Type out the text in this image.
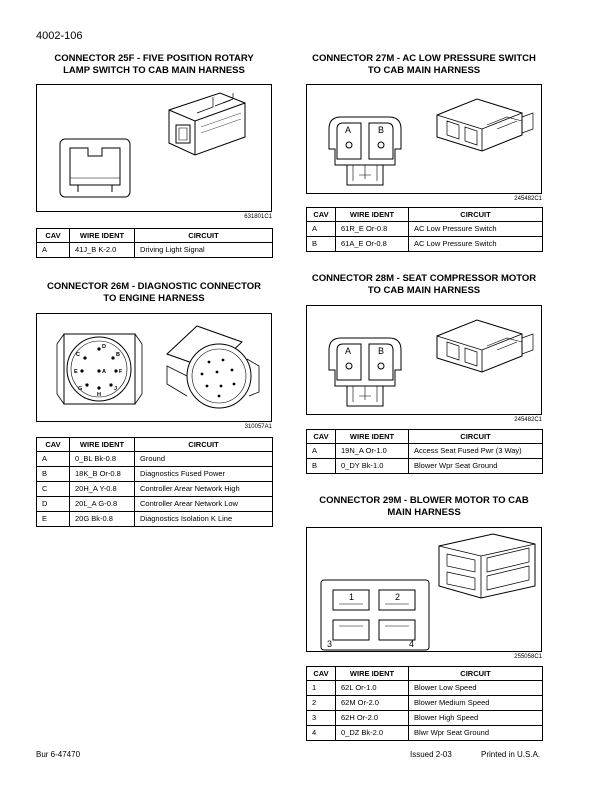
4002-106
CONNECTOR 25F - FIVE POSITION ROTARY
LAMP SWITCH TO CAB MAIN HARNESS
631801C1
CAV	WIRE IDENT	CIRCUIT
A	41J_B K-2.0	Driving Light Signal
CONNECTOR 26M - DIAGNOSTIC CONNECTOR
TO ENGINE HARNESS
D
C	B
E	A F
G
H
J
310057A1
CAV	WIRE IDENT	CIRCUIT
A	0_BL Bk-0.8	Ground
B	18K_B Or-0.8	Diagnostics Fused Power
C	20H_A Y-0.8	Controller Arear Network High
D	20L_A G-0.8	Controller Arear Network Low
E	20G Bk-0.8	Diagnostics Isolation K Line
CONNECTOR 27M - AC LOW PRESSURE SWITCH
TO CAB MAIN HARNESS
A	B
245482C1
CAV	WIRE IDENT	CIRCUIT
A	61R_E Or-0.8	AC Low Pressure Switch
B	61A_E Or-0.8	AC Low Pressure Switch
CONNECTOR 28M - SEAT COMPRESSOR MOTOR
TO CAB MAIN HARNESS
A	B
245482C1
CAV	WIRE IDENT	CIRCUIT
A	19N_A Or-1.0	Access Seat Fused Pwr (3 Way)
B	0_DY Bk-1.0	Blower Wpr Seat Ground
CONNECTOR 29M - BLOWER MOTOR TO CAB
MAIN HARNESS
1	2
3	4
255058C1
CAV	WIRE IDENT	CIRCUIT
1	62L Or-1.0	Blower Low Speed
2	62M Or-2.0	Blower Medium Speed
3	62H Or-2.0	Blower High Speed
4	0_DZ Bk-2.0	Blwr Wpr Seat Ground
Bur 6-47470	Issued 2-03	Printed in U.S.A.
